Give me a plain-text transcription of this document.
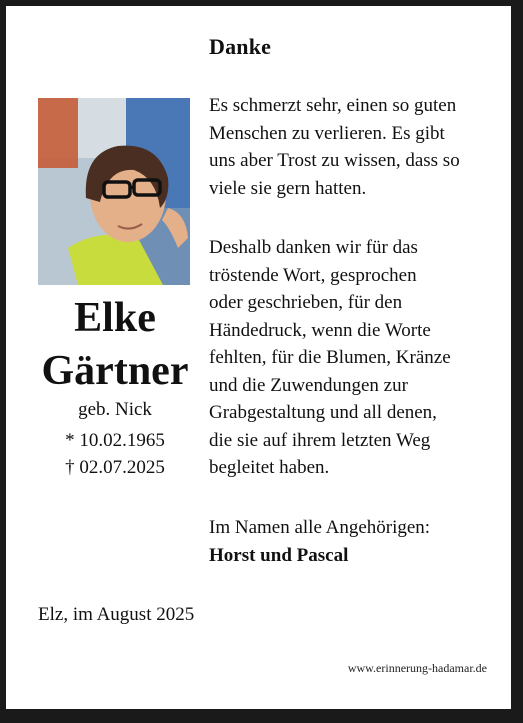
Danke
Elke
Gärtner
geb. Nick
* 10.02.1965
† 02.07.2025
Es schmerzt sehr, einen so guten
Menschen zu verlieren. Es gibt
uns aber Trost zu wissen, dass so
viele sie gern hatten.
Deshalb danken wir für das
tröstende Wort, gesprochen
oder geschrieben, für den
Händedruck, wenn die Worte
fehlten, für die Blumen, Kränze
und die Zuwendungen zur
Grabgestaltung und all denen,
die sie auf ihrem letzten Weg
begleitet haben.
Im Namen alle Angehörigen:
Horst und Pascal
Elz, im August 2025
www.erinnerung-hadamar.de
